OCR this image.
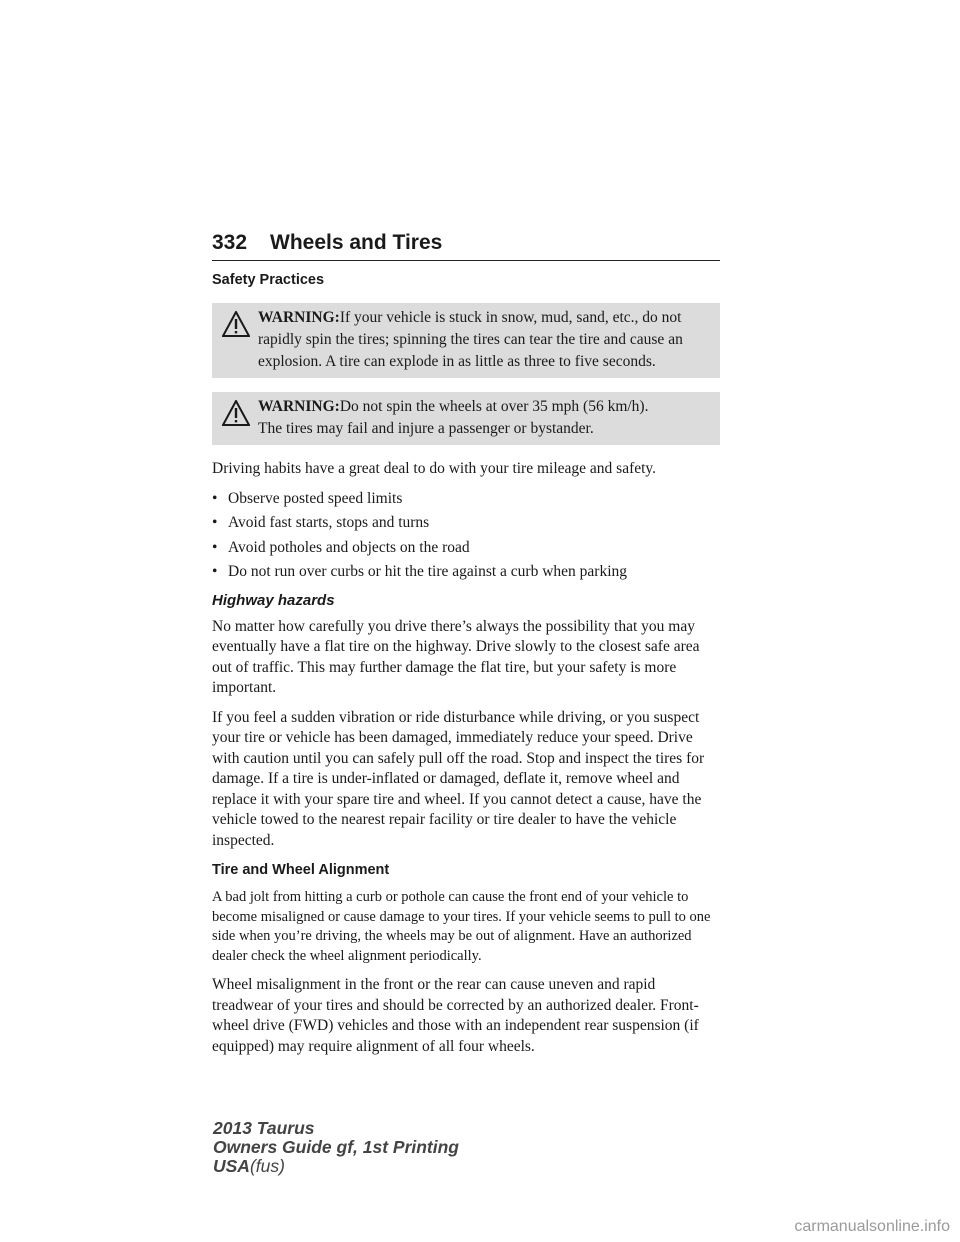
332 Wheels and Tires
Safety Practices
WARNING:If your vehicle is stuck in snow, mud, sand, etc., do not
rapidly spin the tires; spinning the tires can tear the tire and cause an explosion. A tire can explode in as little as three to five seconds.
WARNING:Do not spin the wheels at over 35 mph (56 km/h).
The tires may fail and injure a passenger or bystander.

Driving habits have a great deal to do with your tire mileage and safety.

• Observe posted speed limits
• Avoid fast starts, stops and turns
• Avoid potholes and objects on the road
• Do not run over curbs or hit the tire against a curb when parking
Highway hazards

No matter how carefully you drive there’s always the possibility that you may eventually have a flat tire on the highway. Drive slowly to the closest safe area out of traffic. This may further damage the flat tire, but your safety is more important.

If you feel a sudden vibration or ride disturbance while driving, or you suspect your tire or vehicle has been damaged, immediately reduce your speed. Drive with caution until you can safely pull off the road. Stop and inspect the tires for damage. If a tire is under-inflated or damaged, deflate it, remove wheel and replace it with your spare tire and wheel. If you cannot detect a cause, have the vehicle towed to the nearest repair facility or tire dealer to have the vehicle inspected.

Tire and Wheel Alignment

A bad jolt from hitting a curb or pothole can cause the front end of your vehicle to become misaligned or cause damage to your tires. If your vehicle seems to pull to one side when you’re driving, the wheels may be out of alignment. Have an authorized dealer check the wheel alignment periodically.

Wheel misalignment in the front or the rear can cause uneven and rapid treadwear of your tires and should be corrected by an authorized dealer. Front-wheel drive (FWD) vehicles and those with an independent rear suspension (if equipped) may require alignment of all four wheels.

2013 Taurus
Owners Guide gf, 1st Printing
USA(fus)
carmanualsonline.info
